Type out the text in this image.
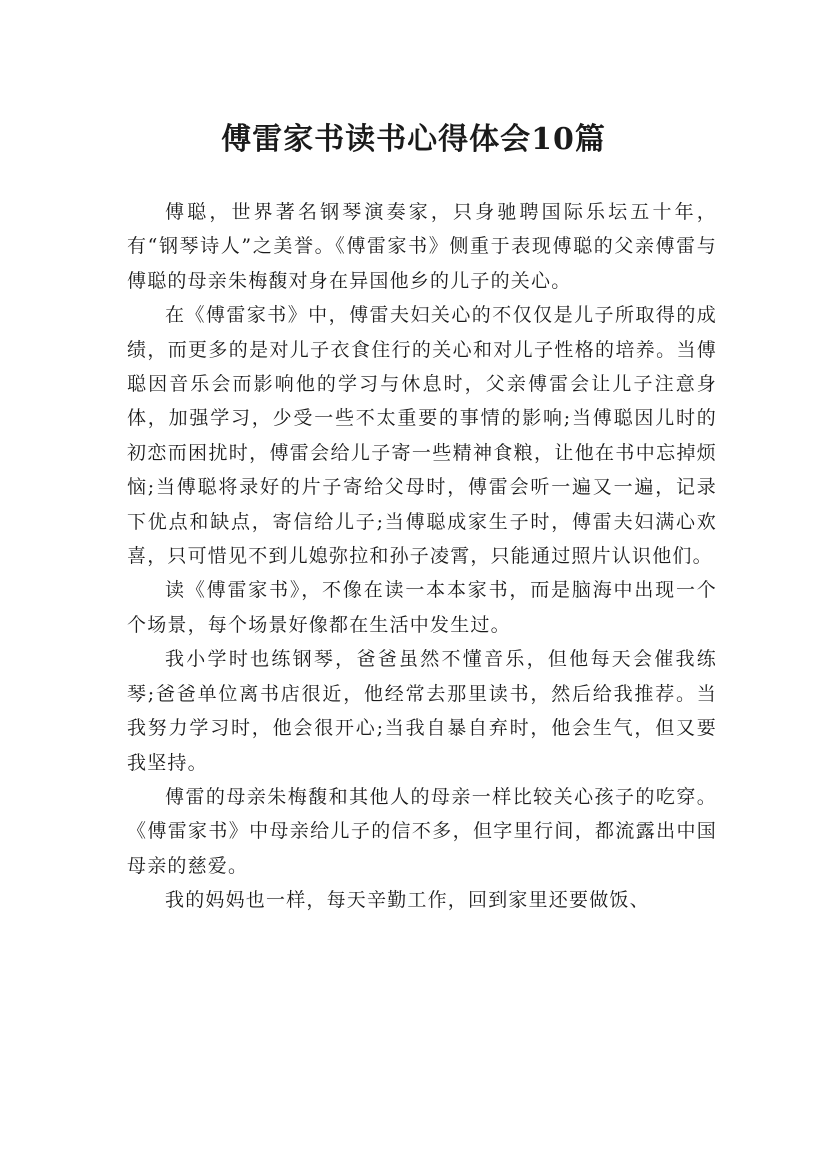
傅雷家书读书心得体会10篇

傅聪，世界著名钢琴演奏家，只身驰聘国际乐坛五十年，有“钢琴诗人”之美誉。《傅雷家书》侧重于表现傅聪的父亲傅雷与傅聪的母亲朱梅馥对身在异国他乡的儿子的关心。

在《傅雷家书》中，傅雷夫妇关心的不仅仅是儿子所取得的成绩，而更多的是对儿子衣食住行的关心和对儿子性格的培养。当傅聪因音乐会而影响他的学习与休息时，父亲傅雷会让儿子注意身体，加强学习，少受一些不太重要的事情的影响;当傅聪因儿时的初恋而困扰时，傅雷会给儿子寄一些精神食粮，让他在书中忘掉烦恼;当傅聪将录好的片子寄给父母时，傅雷会听一遍又一遍，记录下优点和缺点，寄信给儿子;当傅聪成家生子时，傅雷夫妇满心欢喜，只可惜见不到儿媳弥拉和孙子凌霄，只能通过照片认识他们。

读《傅雷家书》，不像在读一本本家书，而是脑海中出现一个个场景，每个场景好像都在生活中发生过。

我小学时也练钢琴，爸爸虽然不懂音乐，但他每天会催我练琴;爸爸单位离书店很近，他经常去那里读书，然后给我推荐。当我努力学习时，他会很开心;当我自暴自弃时，他会生气，但又要我坚持。

傅雷的母亲朱梅馥和其他人的母亲一样比较关心孩子的吃穿。《傅雷家书》中母亲给儿子的信不多，但字里行间，都流露出中国母亲的慈爱。

我的妈妈也一样，每天辛勤工作，回到家里还要做饭、
